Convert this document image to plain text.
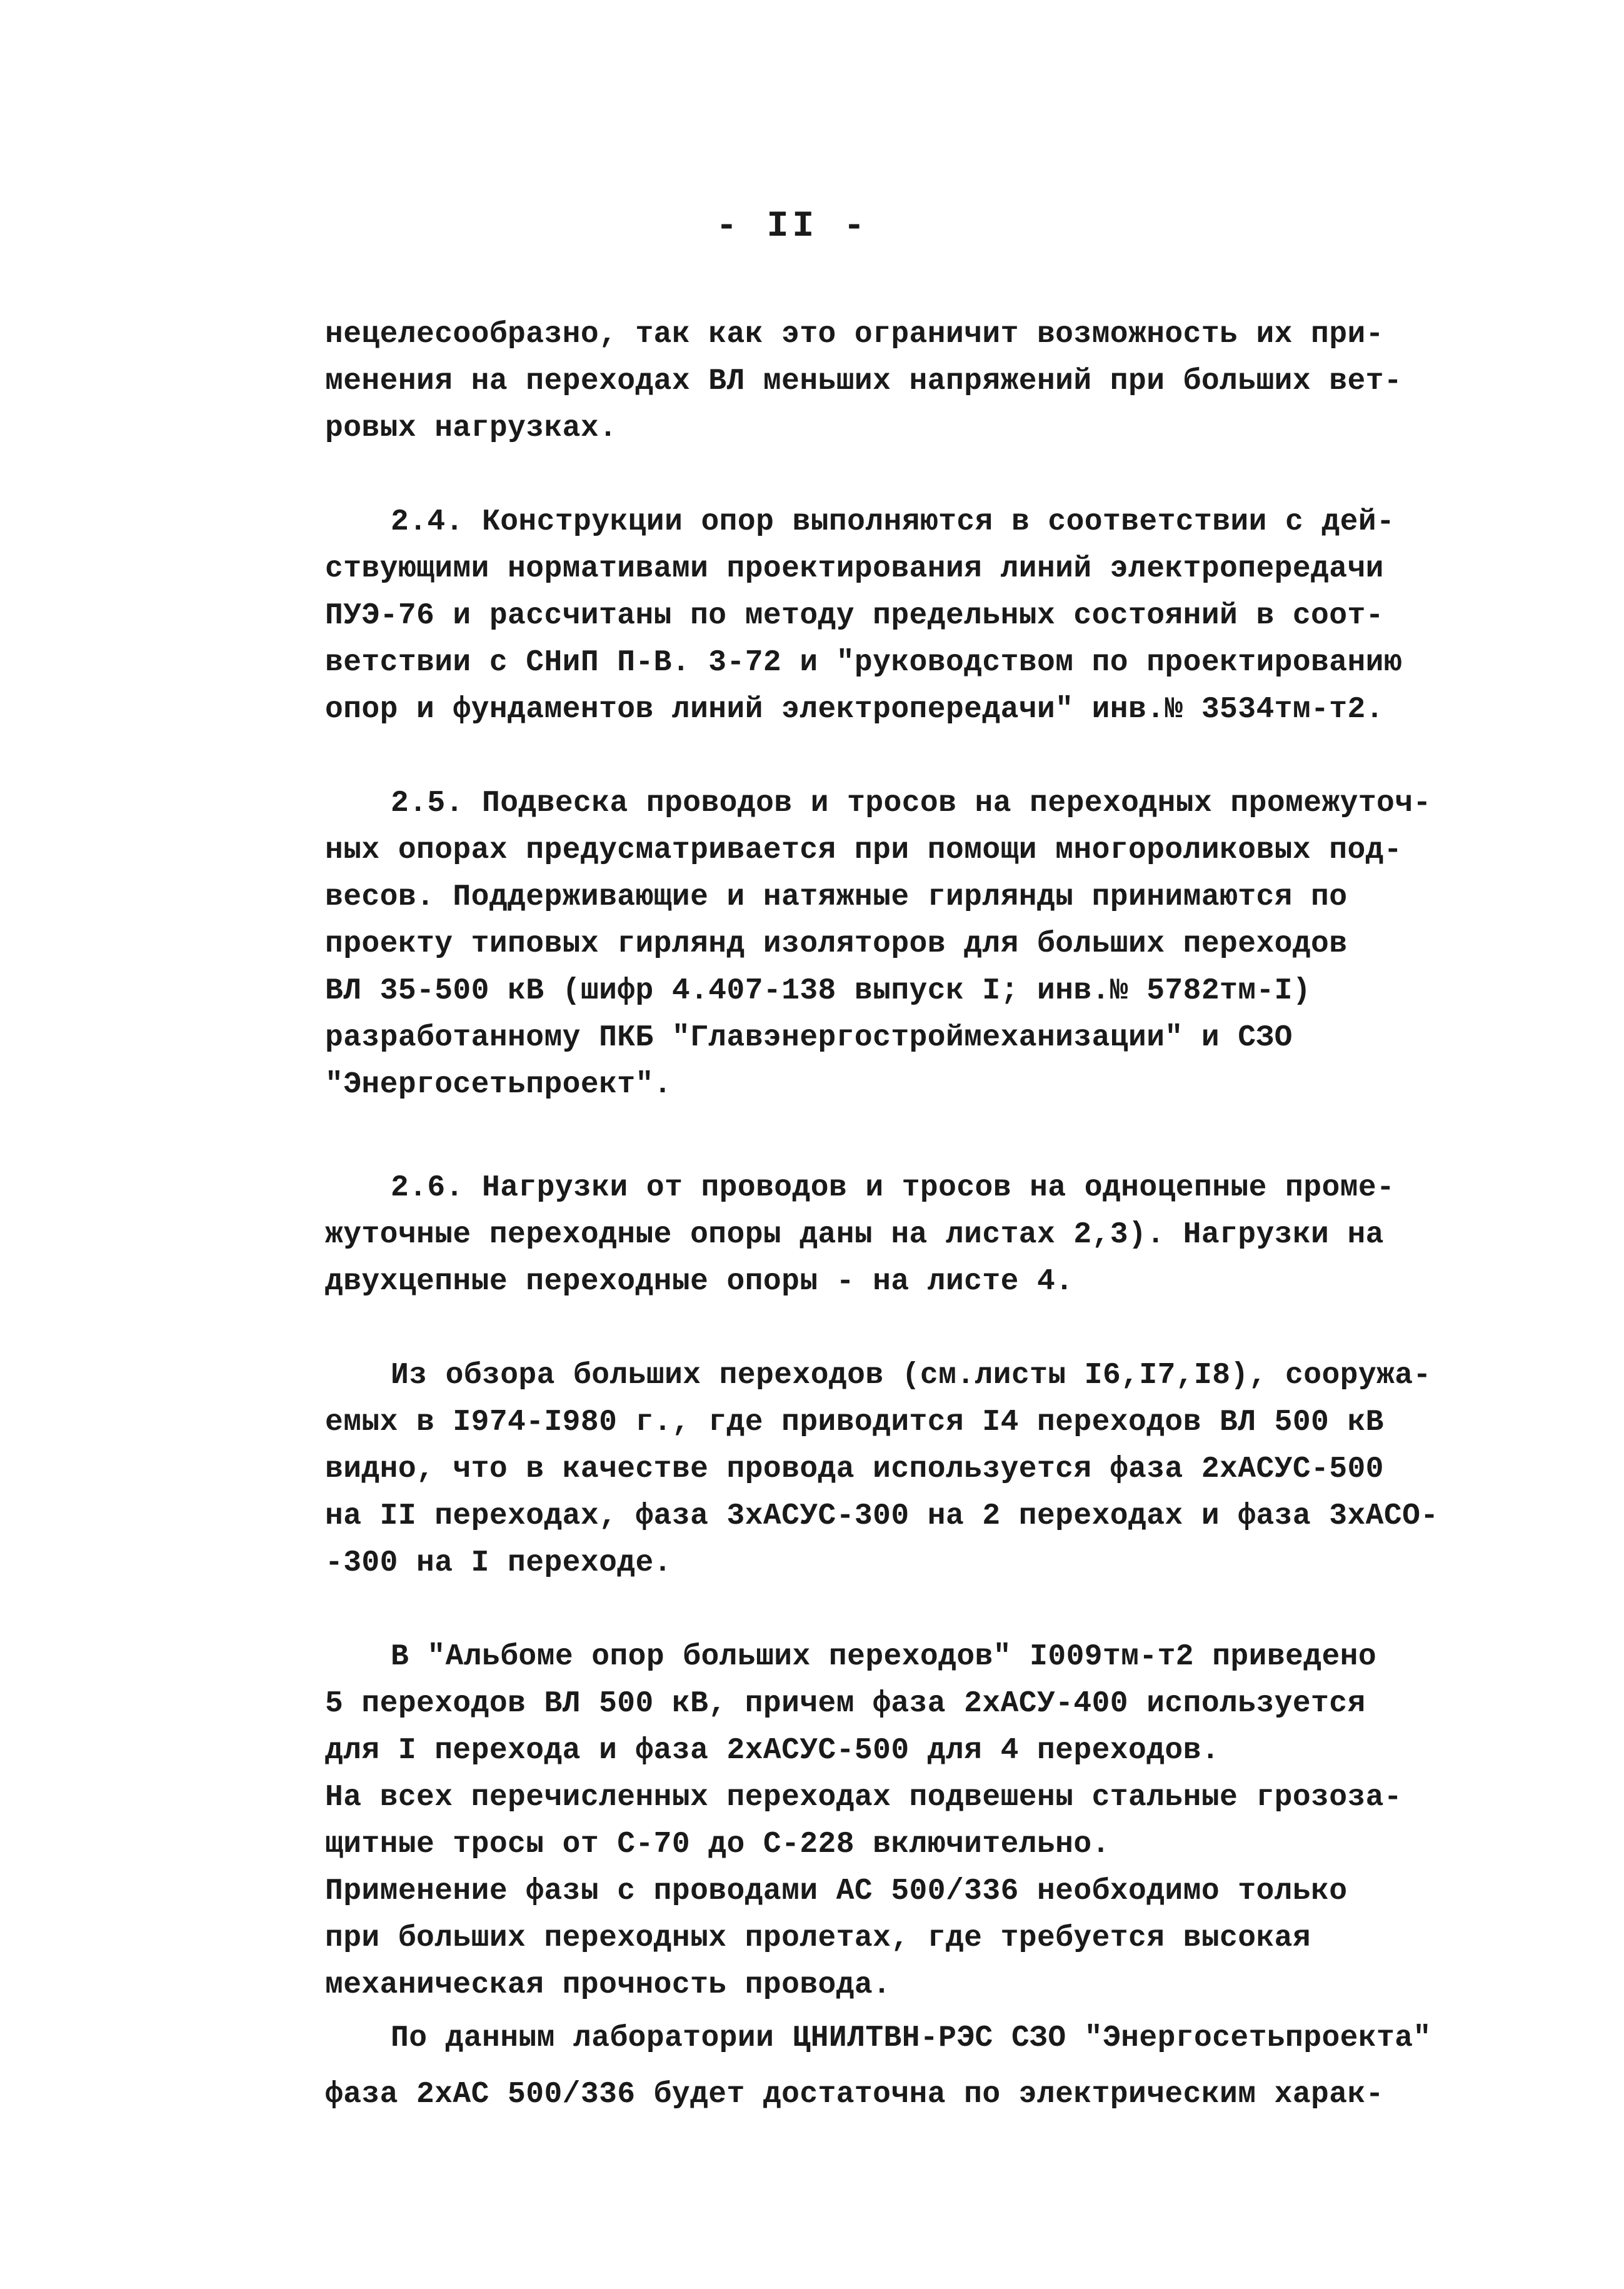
- II -
нецелесообразно, так как это ограничит возможность их при-
менения на переходах ВЛ меньших напряжений при больших вет-
ровых нагрузках.
2.4. Конструкции опор выполняются в соответствии с дей-
ствующими нормативами проектирования линий электропередачи
ПУЭ-76 и рассчитаны по методу предельных состояний в соот-
ветствии с СНиП П-В. 3-72 и "руководством по проектированию
опор и фундаментов линий электропередачи" инв.№ 3534тм-т2.
2.5. Подвеска проводов и тросов на переходных промежуточ-
ных опорах предусматривается при помощи многороликовых под-
весов. Поддерживающие и натяжные гирлянды принимаются по
проекту типовых гирлянд изоляторов для больших переходов
ВЛ 35-500 кВ (шифр 4.407-138 выпуск I; инв.№ 5782тм-I)
разработанному ПКБ "Главэнергостроймеханизации" и СЗО
"Энергосетьпроект".
2.6. Нагрузки от проводов и тросов на одноцепные проме-
жуточные переходные опоры даны на листах 2,3). Нагрузки на
двухцепные переходные опоры - на листе 4.
Из обзора больших переходов (см.листы I6,I7,I8), сооружа-
емых в I974-I980 г., где приводится I4 переходов ВЛ 500 кВ
видно, что в качестве провода используется фаза 2хАСУС-500
на II переходах, фаза 3хАСУС-300 на 2 переходах и фаза 3хАСО-
-300 на I переходе.
В "Альбоме опор больших переходов" I009тм-т2 приведено
5 переходов ВЛ 500 кВ, причем фаза 2хАСУ-400 используется
для I перехода и фаза 2хАСУС-500 для 4 переходов.
На всех перечисленных переходах подвешены стальные грозоза-
щитные тросы от С-70 до С-228 включительно.
Применение фазы с проводами АС 500/336 необходимо только
при больших переходных пролетах, где требуется высокая
механическая прочность провода.
По данным лаборатории ЦНИЛТВН-РЭС СЗО "Энергосетьпроекта"
фаза 2хАС 500/336 будет достаточна по электрическим харак-
